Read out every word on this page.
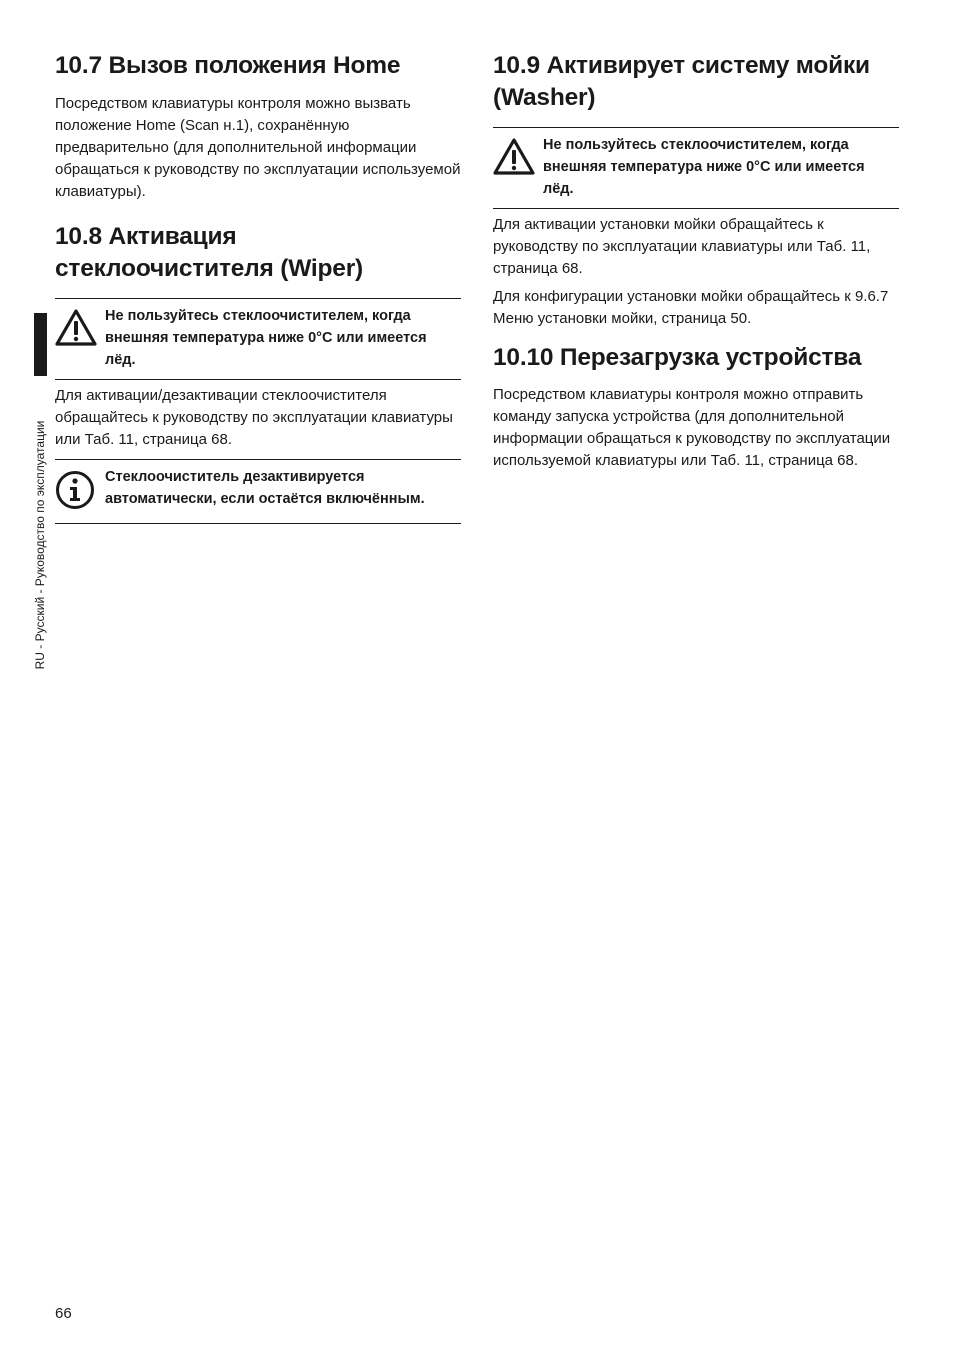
RU - Русский - Руководство по эксплуатации
10.7 Вызов положения Home

Посредством клавиатуры контроля можно вызвать положение Home (Scan н.1), сохранённую предварительно (для дополнительной информации обращаться к руководству по эксплуатации используемой клавиатуры).

10.8 Активация
стеклоочистителя (Wiper)
Не пользуйтесь стеклоочистителем, когда внешняя температура ниже 0°C или имеется лёд.

Для активации/дезактивации стеклоочистителя обращайтесь к руководству по эксплуатации клавиатуры или Таб. 11, страница 68.

Стеклоочиститель дезактивируется автоматически, если остаётся включённым.
10.9 Активирует систему мойки
(Washer)
Не пользуйтесь стеклоочистителем, когда внешняя температура ниже 0°C или имеется лёд.

Для активации установки мойки обращайтесь к руководству по эксплуатации клавиатуры или Таб. 11, страница 68.

Для конфигурации установки мойки обращайтесь к 9.6.7 Меню установки мойки, страница 50.

10.10 Перезагрузка устройства

Посредством клавиатуры контроля можно отправить команду запуска устройства (для дополнительной информации обращаться к руководству по эксплуатации используемой клавиатуры или Таб. 11, страница 68.

66
